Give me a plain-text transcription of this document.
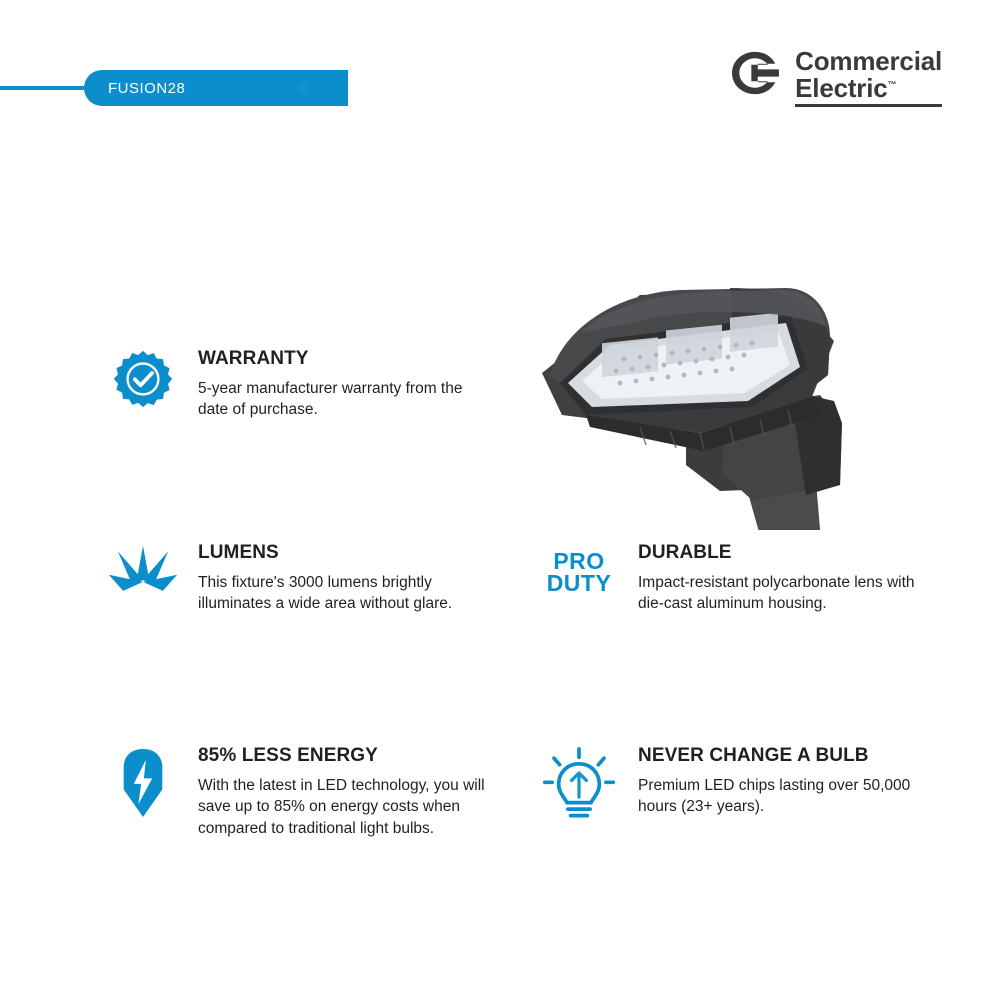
FUSION28
Commercial
Electric™
WARRANTY

5-year manufacturer warranty from the date of purchase.

LUMENS

This fixture's 3000 lumens brightly illuminates a wide area without glare.

PRO
DUTY
DURABLE

Impact-resistant polycarbonate lens with die-cast aluminum housing.

85% LESS ENERGY

With the latest in LED technology, you will save up to 85% on energy costs when compared to traditional light bulbs.

NEVER CHANGE A BULB

Premium LED chips lasting over 50,000 hours (23+ years).
